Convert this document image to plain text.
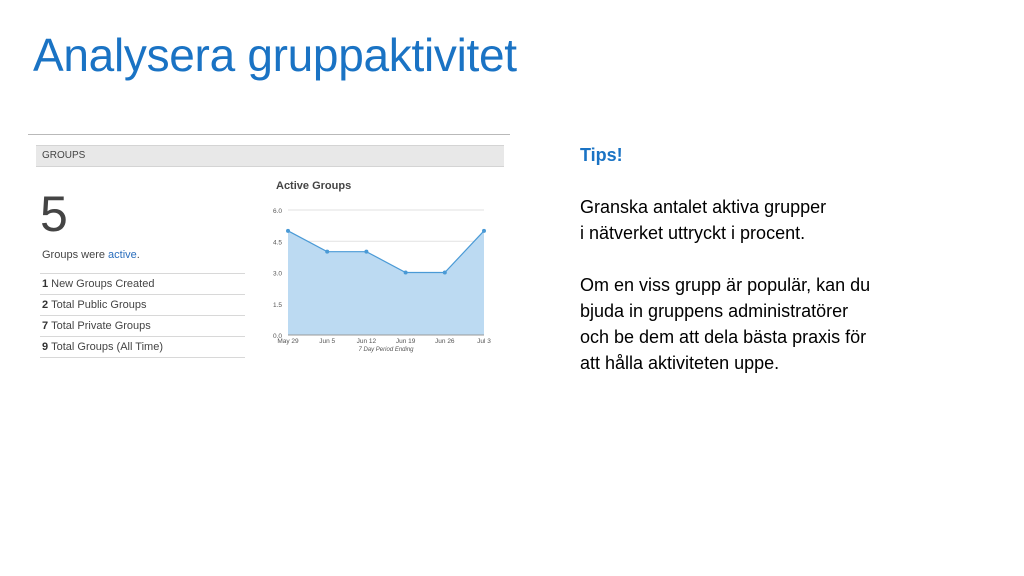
Analysera gruppaktivitet
GROUPS
5
Groups were active.
1 New Groups Created
2 Total Public Groups
7 Total Private Groups
9 Total Groups (All Time)
Active Groups
0.0
1.5
3.0
4.5
6.0
May 29	Jun 5	Jun 12	Jun 19	Jun 26	Jul 3
7 Day Period Ending

Tips!

Granska antalet aktiva grupper

i nätverket uttryckt i procent.

Om en viss grupp är populär, kan du

bjuda in gruppens administratörer

och be dem att dela bästa praxis för

att hålla aktiviteten uppe.
